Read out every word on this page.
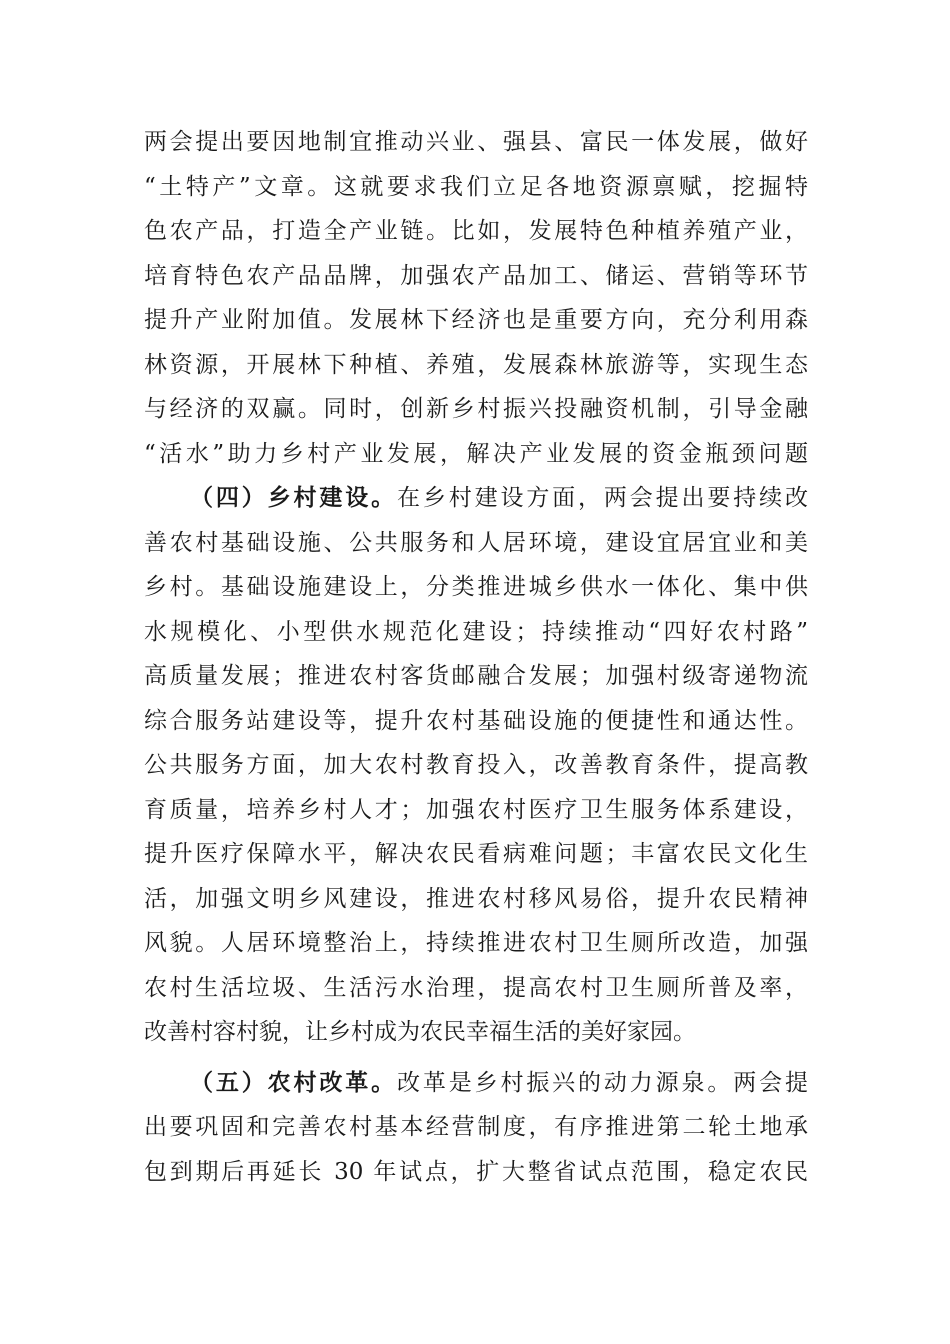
两会提出要因地制宜推动兴业、强县、富民一体发展，做好
“土特产”文章。这就要求我们立足各地资源禀赋，挖掘特
色农产品，打造全产业链。比如，发展特色种植养殖产业，
培育特色农产品品牌，加强农产品加工、储运、营销等环节
提升产业附加值。发展林下经济也是重要方向，充分利用森
林资源，开展林下种植、养殖，发展森林旅游等，实现生态
与经济的双赢。同时，创新乡村振兴投融资机制，引导金融
“活水”助力乡村产业发展，解决产业发展的资金瓶颈问题
（四）乡村建设。在乡村建设方面，两会提出要持续改
善农村基础设施、公共服务和人居环境，建设宜居宜业和美
乡村。基础设施建设上，分类推进城乡供水一体化、集中供
水规模化、小型供水规范化建设；持续推动“四好农村路”
高质量发展；推进农村客货邮融合发展；加强村级寄递物流
综合服务站建设等，提升农村基础设施的便捷性和通达性。
公共服务方面，加大农村教育投入，改善教育条件，提高教
育质量，培养乡村人才；加强农村医疗卫生服务体系建设，
提升医疗保障水平，解决农民看病难问题；丰富农民文化生
活，加强文明乡风建设，推进农村移风易俗，提升农民精神
风貌。人居环境整治上，持续推进农村卫生厕所改造，加强
农村生活垃圾、生活污水治理，提高农村卫生厕所普及率，
改善村容村貌，让乡村成为农民幸福生活的美好家园。
（五）农村改革。改革是乡村振兴的动力源泉。两会提
出要巩固和完善农村基本经营制度，有序推进第二轮土地承
包到期后再延长 30 年试点，扩大整省试点范围，稳定农民
